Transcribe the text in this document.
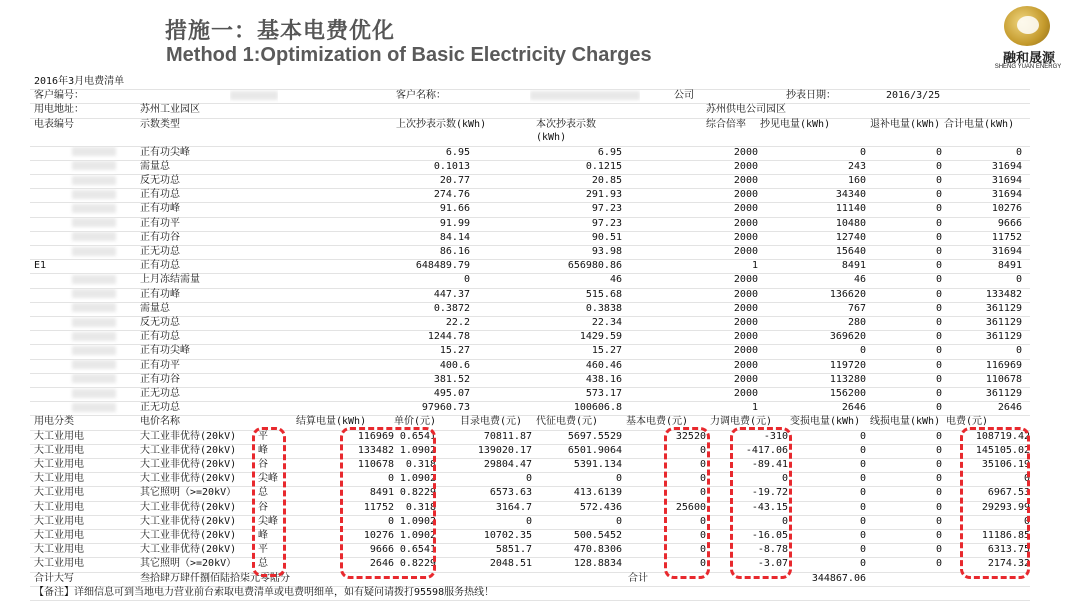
措施一：基本电费优化
Method 1:Optimization of Basic Electricity Charges	融和晟源
SHENG YUAN ENERGY
2016年3月电费清单
客户编号：	客户名称：	公司	抄表日期：	2016/3/25
用电地址：	苏州工业园区	苏州供电公司园区
电表编号	示数类型	上次抄表示数(kWh)	本次抄表示数
(kWh)
综合倍率 抄见电量(kWh)	退补电量(kWh) 合计电量(kWh)
正有功尖峰	6.95	6.95	2000	0	0	0
需量总	0.1013	0.1215	2000	243	0	31694
反无功总	20.77	20.85	2000	160	0	31694
正有功总	274.76	291.93	2000	34340	0	31694
正有功峰	91.66	97.23	2000	11140	0	10276
正有功平	91.99	97.23	2000	10480	0	9666
正有功谷	84.14	90.51	2000	12740	0	11752
正无功总	86.16	93.98	2000	15640	0	31694
E1	正有功总	648489.79	656980.86	1	8491	0	8491
上月冻结需量	0	46	2000	46	0	0
正有功峰	447.37	515.68	2000	136620	0	133482
需量总	0.3872	0.3838	2000	767	0	361129
反无功总	22.2	22.34	2000	280	0	361129
正有功总	1244.78	1429.59	2000	369620	0	361129
正有功尖峰	15.27	15.27	2000	0	0	0
正有功平	400.6	460.46	2000	119720	0	116969
正有功谷	381.52	438.16	2000	113280	0	110678
正无功总	495.07	573.17	2000	156200	0	361129
正无功总	97960.73	100606.8	1	2646	0	2646
用电分类	电价名称	结算电量(kWh)	单价(元) 目录电费(元) 代征电费(元)	基本电费(元) 力调电费(元) 变损电量(kWh) 线损电量(kWh) 电费(元)
大工业用电	大工业非优待(20kV)	平	116969 0.6541	70811.87	5697.5529	32520	-310	0	0	108719.42
大工业用电	大工业非优待(20kV)	峰	133482 1.0902	139020.17	6501.9064	0	-417.06	0	0	145105.02
大工业用电	大工业非优待(20kV)	谷	110678	0.318	29804.47	5391.134	0	-89.41	0	0	35106.19
大工业用电	大工业非优待(20kV)	尖峰	0 1.0902	0	0	0	0	0	0	0
大工业用电	其它照明（>=20kV）	总	8491 0.8229	6573.63	413.6139	0	-19.72	0	0	6967.53
大工业用电	大工业非优待(20kV)	谷	11752	0.318	3164.7	572.436	25600	-43.15	0	0	29293.99
大工业用电	大工业非优待(20kV)	尖峰	0 1.0902	0	0	0	0	0	0	0
大工业用电	大工业非优待(20kV)	峰	10276 1.0902	10702.35	500.5452	0	-16.05	0	0	11186.85
大工业用电	大工业非优待(20kV)	平	9666 0.6541	5851.7	470.8306	0	-8.78	0	0	6313.75
大工业用电	其它照明（>=20kV）	总	2646 0.8229	2048.51	128.8834	0	-3.07	0	0	2174.32
合计大写	叁拾肆万肆仟捌佰陆拾柒元零陆分	合计	344867.06
【备注】详细信息可到当地电力营业前台索取电费清单或电费明细单，如有疑问请拨打95598服务热线！
